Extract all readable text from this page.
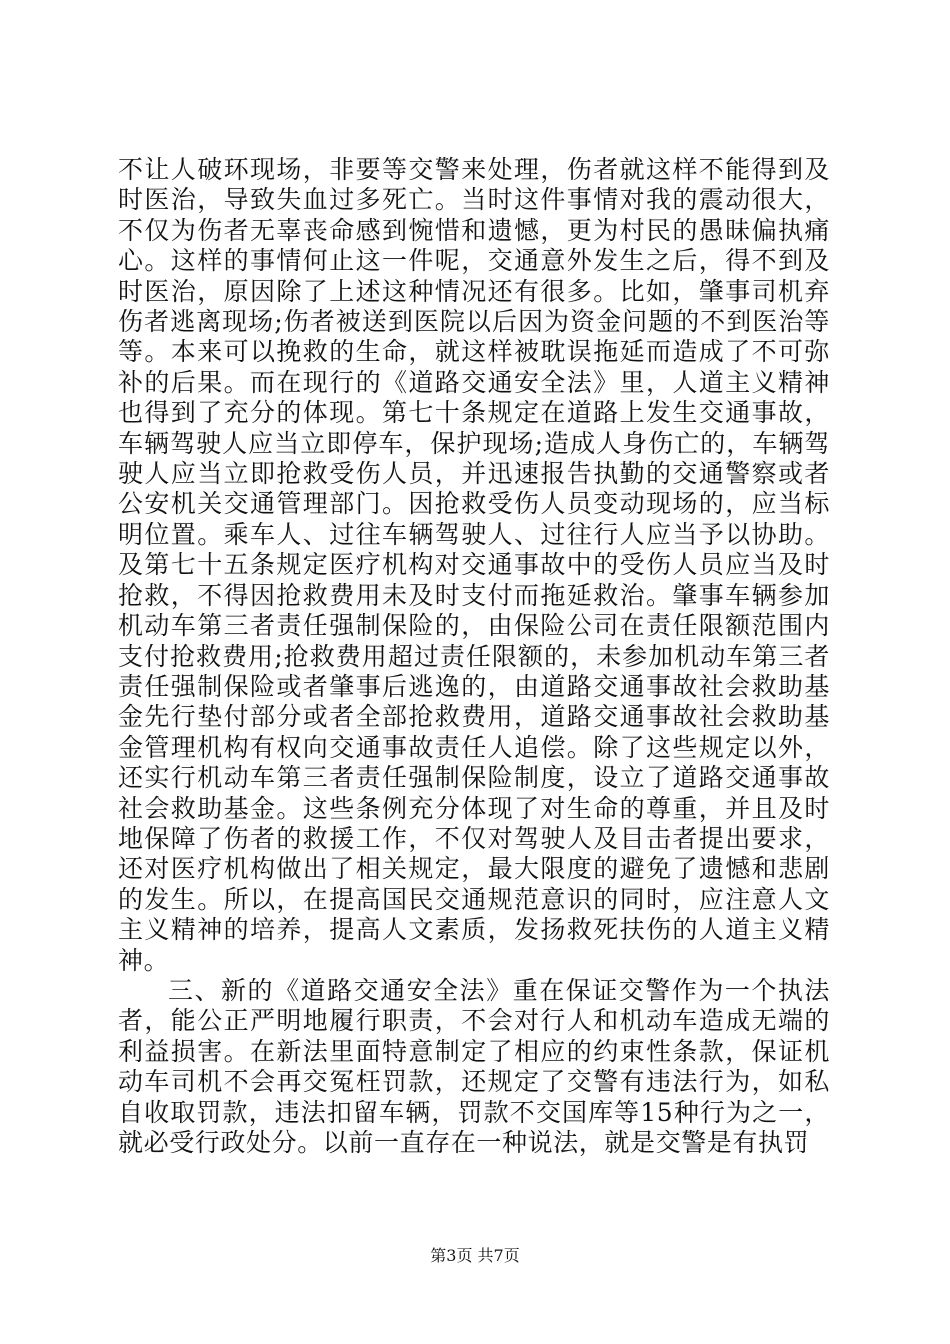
不让人破环现场，非要等交警来处理，伤者就这样不能得到及时医治，导致失血过多死亡。当时这件事情对我的震动很大，不仅为伤者无辜丧命感到惋惜和遗憾，更为村民的愚昧偏执痛心。这样的事情何止这一件呢，交通意外发生之后，得不到及时医治，原因除了上述这种情况还有很多。比如，肇事司机弃伤者逃离现场;伤者被送到医院以后因为资金问题的不到医治等等。本来可以挽救的生命，就这样被耽误拖延而造成了不可弥补的后果。而在现行的《道路交通安全法》里，人道主义精神也得到了充分的体现。第七十条规定在道路上发生交通事故，车辆驾驶人应当立即停车，保护现场;造成人身伤亡的，车辆驾驶人应当立即抢救受伤人员，并迅速报告执勤的交通警察或者公安机关交通管理部门。因抢救受伤人员变动现场的，应当标明位置。乘车人、过往车辆驾驶人、过往行人应当予以协助。及第七十五条规定医疗机构对交通事故中的受伤人员应当及时抢救，不得因抢救费用未及时支付而拖延救治。肇事车辆参加机动车第三者责任强制保险的，由保险公司在责任限额范围内支付抢救费用;抢救费用超过责任限额的，未参加机动车第三者责任强制保险或者肇事后逃逸的，由道路交通事故社会救助基金先行垫付部分或者全部抢救费用，道路交通事故社会救助基金管理机构有权向交通事故责任人追偿。除了这些规定以外，还实行机动车第三者责任强制保险制度，设立了道路交通事故社会救助基金。这些条例充分体现了对生命的尊重，并且及时地保障了伤者的救援工作，不仅对驾驶人及目击者提出要求，还对医疗机构做出了相关规定，最大限度的避免了遗憾和悲剧的发生。所以，在提高国民交通规范意识的同时，应注意人文主义精神的培养，提高人文素质，发扬救死扶伤的人道主义精神。

三、新的《道路交通安全法》重在保证交警作为一个执法者，能公正严明地履行职责，不会对行人和机动车造成无端的利益损害。在新法里面特意制定了相应的约束性条款，保证机动车司机不会再交冤枉罚款，还规定了交警有违法行为，如私自收取罚款，违法扣留车辆，罚款不交国库等15种行为之一，就必受行政处分。以前一直存在一种说法，就是交警是有执罚

第3页 共7页
